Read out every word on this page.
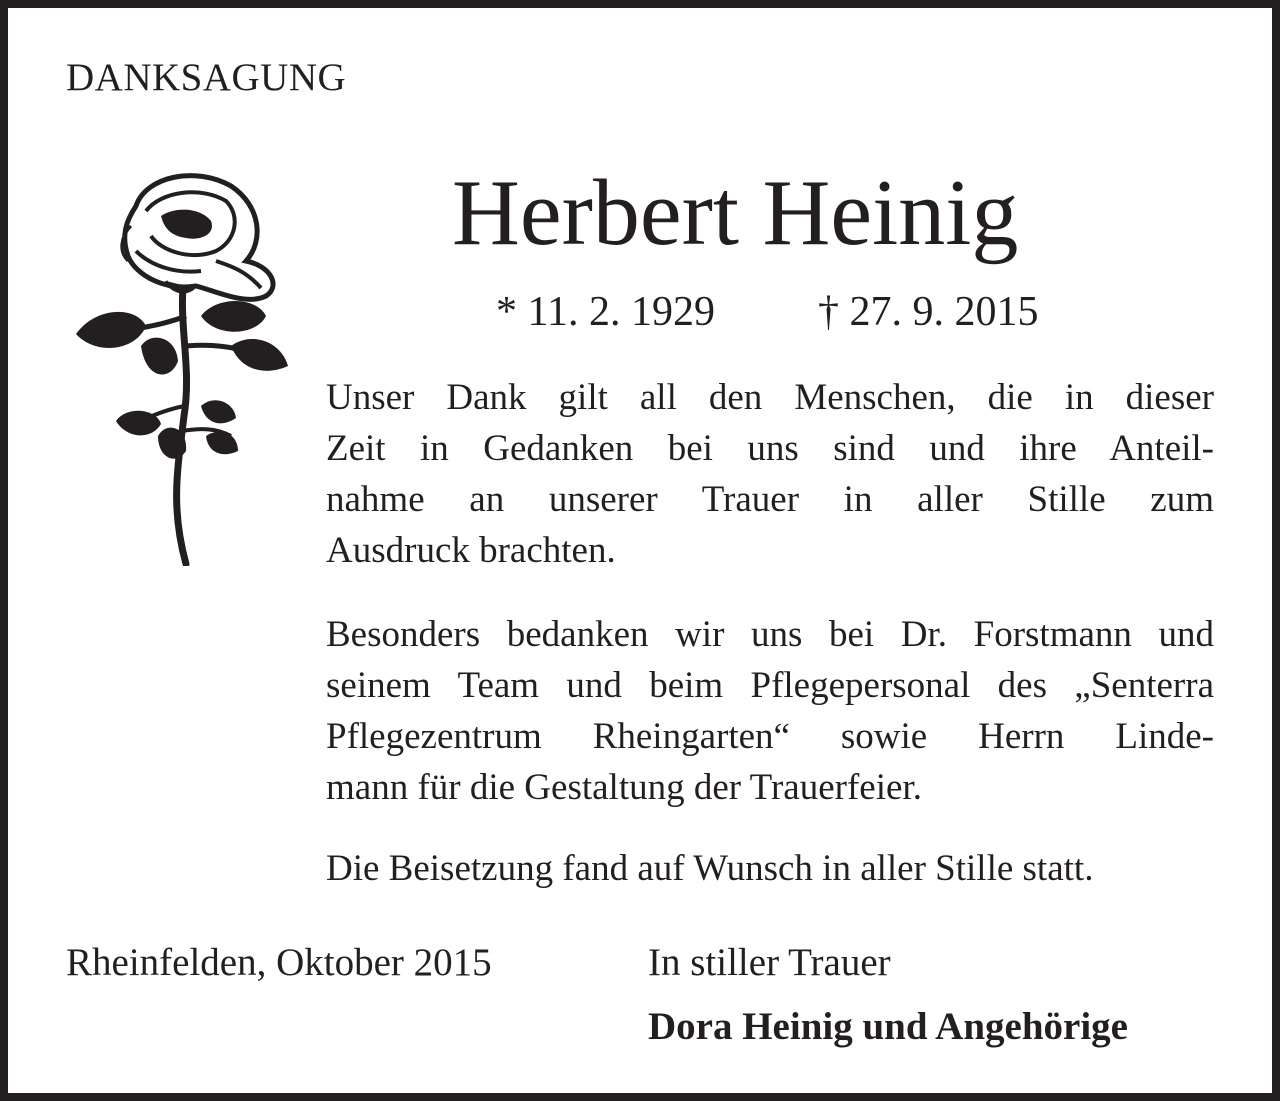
DANKSAGUNG
Herbert Heinig
* 11. 2. 1929 † 27. 9. 2015
Unser Dank gilt all den Menschen, die in dieser
Zeit in Gedanken bei uns sind und ihre Anteil-
nahme an unserer Trauer in aller Stille zum
Ausdruck brachten.
Besonders bedanken wir uns bei Dr. Forstmann und
seinem Team und beim Pflegepersonal des „Senterra
Pflegezentrum Rheingarten“ sowie Herrn Linde-
mann für die Gestaltung der Trauerfeier.
Die Beisetzung fand auf Wunsch in aller Stille statt.
Rheinfelden, Oktober 2015	In stiller Trauer
Dora Heinig und Angehörige
